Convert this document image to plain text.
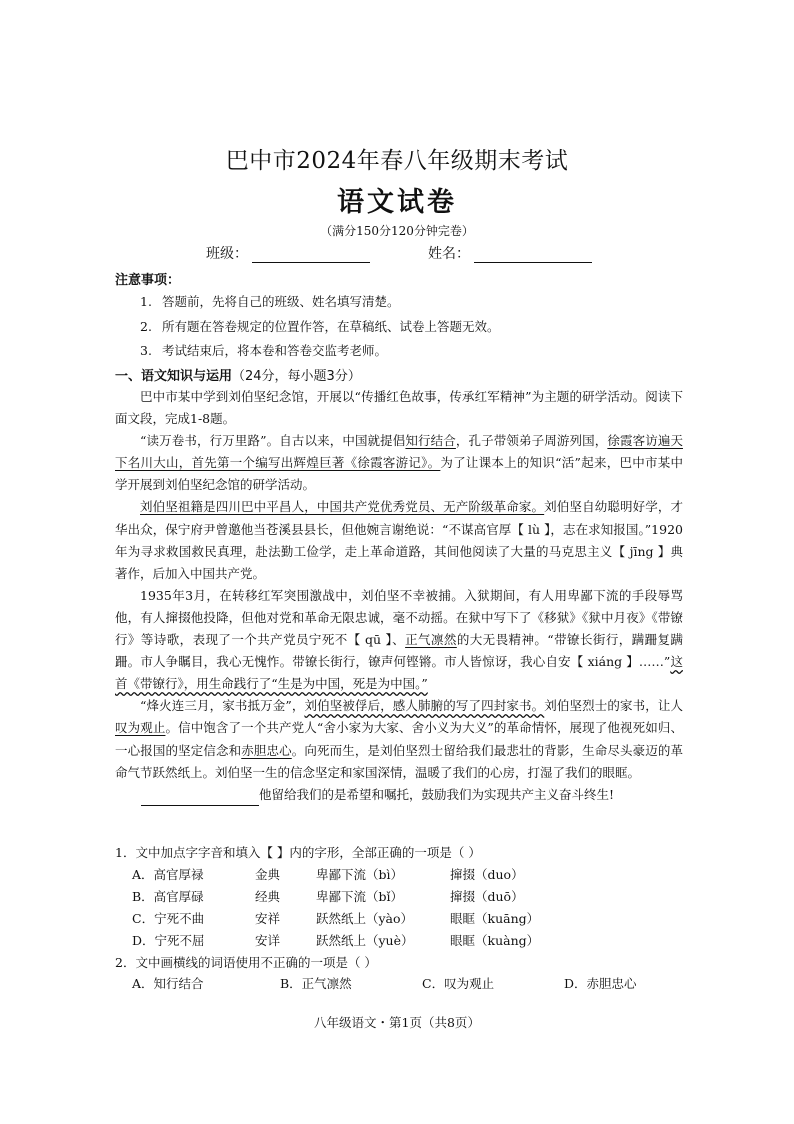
巴中市2024年春八年级期末考试
语文试卷
（满分150分120分钟完卷）
班级：	姓名：
注意事项：
1. 答题前，先将自己的班级、姓名填写清楚。
2. 所有题在答卷规定的位置作答，在草稿纸、试卷上答题无效。
3. 考试结束后，将本卷和答卷交监考老师。
一、语文知识与运用（24分，每小题3分）

巴中市某中学到刘伯坚纪念馆，开展以“传播红色故事，传承红军精神”为主题的研学活动。阅读下面文段，完成1-8题。

“读万卷书，行万里路”。自古以来，中国就提倡知行结合，孔子带领弟子周游列国，徐霞客访遍天下名川大山，首先第一个编写出辉煌巨著《徐霞客游记》。为了让课本上的知识“活”起来，巴中市某中学开展到刘伯坚纪念馆的研学活动。

刘伯坚祖籍是四川巴中平昌人，中国共产党优秀党员、无产阶级革命家。刘伯坚自幼聪明好学，才华出众，保宁府尹曾邀他当苍溪县县长，但他婉言谢绝说：“不谋高官厚【 lù 】，志在求知报国。”1920年为寻求救国救民真理，赴法勤工俭学，走上革命道路，其间他阅读了大量的马克思主义【 jīng 】典著作，后加入中国共产党。

1935年3月，在转移红军突围激战中，刘伯坚不幸被捕。入狱期间，有人用卑鄙下流的手段辱骂他，有人撺掇他投降，但他对党和革命无限忠诚，毫不动摇。在狱中写下了《移狱》《狱中月夜》《带镣行》等诗歌，表现了一个共产党员宁死不【 qū 】、正气凛然的大无畏精神。“带镣长街行，蹒跚复蹒跚。市人争瞩目，我心无愧怍。带镣长街行，镣声何铿锵。市人皆惊讶，我心自安【 xiáng 】……”这首《带镣行》，用生命践行了“生是为中国，死是为中国。”

“烽火连三月，家书抵万金”，刘伯坚被俘后，感人肺腑的写了四封家书。刘伯坚烈士的家书，让人叹为观止。信中饱含了一个共产党人“舍小家为大家、舍小义为大义”的革命情怀，展现了他视死如归、一心报国的坚定信念和赤胆忠心。向死而生，是刘伯坚烈士留给我们最悲壮的背影，生命尽头豪迈的革命气节跃然纸上。刘伯坚一生的信念坚定和家国深情，温暖了我们的心房，打湿了我们的眼眶。

他留给我们的是希望和嘱托，鼓励我们为实现共产主义奋斗终生!

1．文中加点字字音和填入【 】内的字形，全部正确的一项是（ ）
A．高官厚禄	金典	卑鄙下流（bì）	撺掇（duo）
B．高官厚碌	经典	卑鄙下流（bǐ）	撺掇（duō）
C．宁死不曲	安祥	跃然纸上（yào）	眼眶（kuāng）
D．宁死不屈	安详	跃然纸上（yuè）	眼眶（kuàng）
2．文中画横线的词语使用不正确的一项是（ ）
A．知行结合	B．正气凛然	C．叹为观止	D．赤胆忠心
八年级语文・第1页（共8页）
